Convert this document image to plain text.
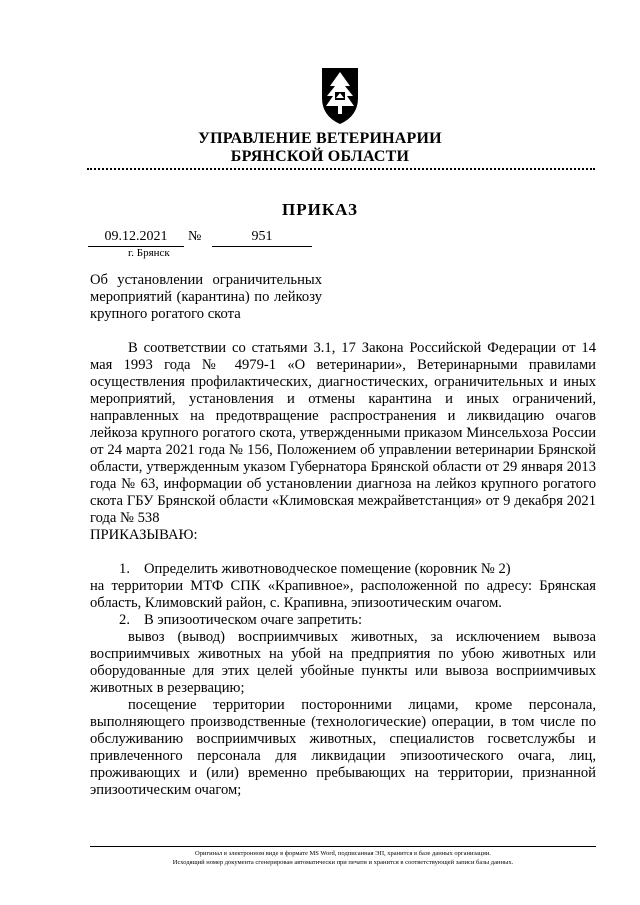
УПРАВЛЕНИЕ ВЕТЕРИНАРИИ
БРЯНСКОЙ ОБЛАСТИ
ПРИКАЗ
09.12.2021	№	951
г. Брянск
Об установлении ограничительных мероприятий (карантина) по лейкозу крупного рогатого скота

В соответствии со статьями 3.1, 17 Закона Российской Федерации от 14 мая 1993 года № 4979-1 «О ветеринарии», Ветеринарными правилами осуществления профилактических, диагностических, ограничительных и иных мероприятий, установления и отмены карантина и иных ограничений, направленных на предотвращение распространения и ликвидацию очагов лейкоза крупного рогатого скота, утвержденными приказом Минсельхоза России от 24 марта 2021 года № 156, Положением об управлении ветеринарии Брянской области, утвержденным указом Губернатора Брянской области от 29 января 2013 года № 63, информации об установлении диагноза на лейкоз крупного рогатого скота ГБУ Брянской области «Климовская межрайветстанция» от 9 декабря 2021 года № 538

ПРИКАЗЫВАЮ:

1. Определить животноводческое помещение (коровник № 2)

на территории МТФ СПК «Крапивное», расположенной по адресу: Брянская область, Климовский район, с. Крапивна, эпизоотическим очагом.

2. В эпизоотическом очаге запретить:

вывоз (вывод) восприимчивых животных, за исключением вывоза восприимчивых животных на убой на предприятия по убою животных или оборудованные для этих целей убойные пункты или вывоза восприимчивых животных в резервацию;

посещение территории посторонними лицами, кроме персонала, выполняющего производственные (технологические) операции, в том числе по обслуживанию восприимчивых животных, специалистов госветслужбы и привлеченного персонала для ликвидации эпизоотического очага, лиц, проживающих и (или) временно пребывающих на территории, признанной эпизоотическим очагом;

Оригинал в электронном виде в формате MS Word, подписанная ЭП, хранится в базе данных организации.
Исходящий номер документа сгенерирован автоматически при печати и хранится в соответствующей записи базы данных.
